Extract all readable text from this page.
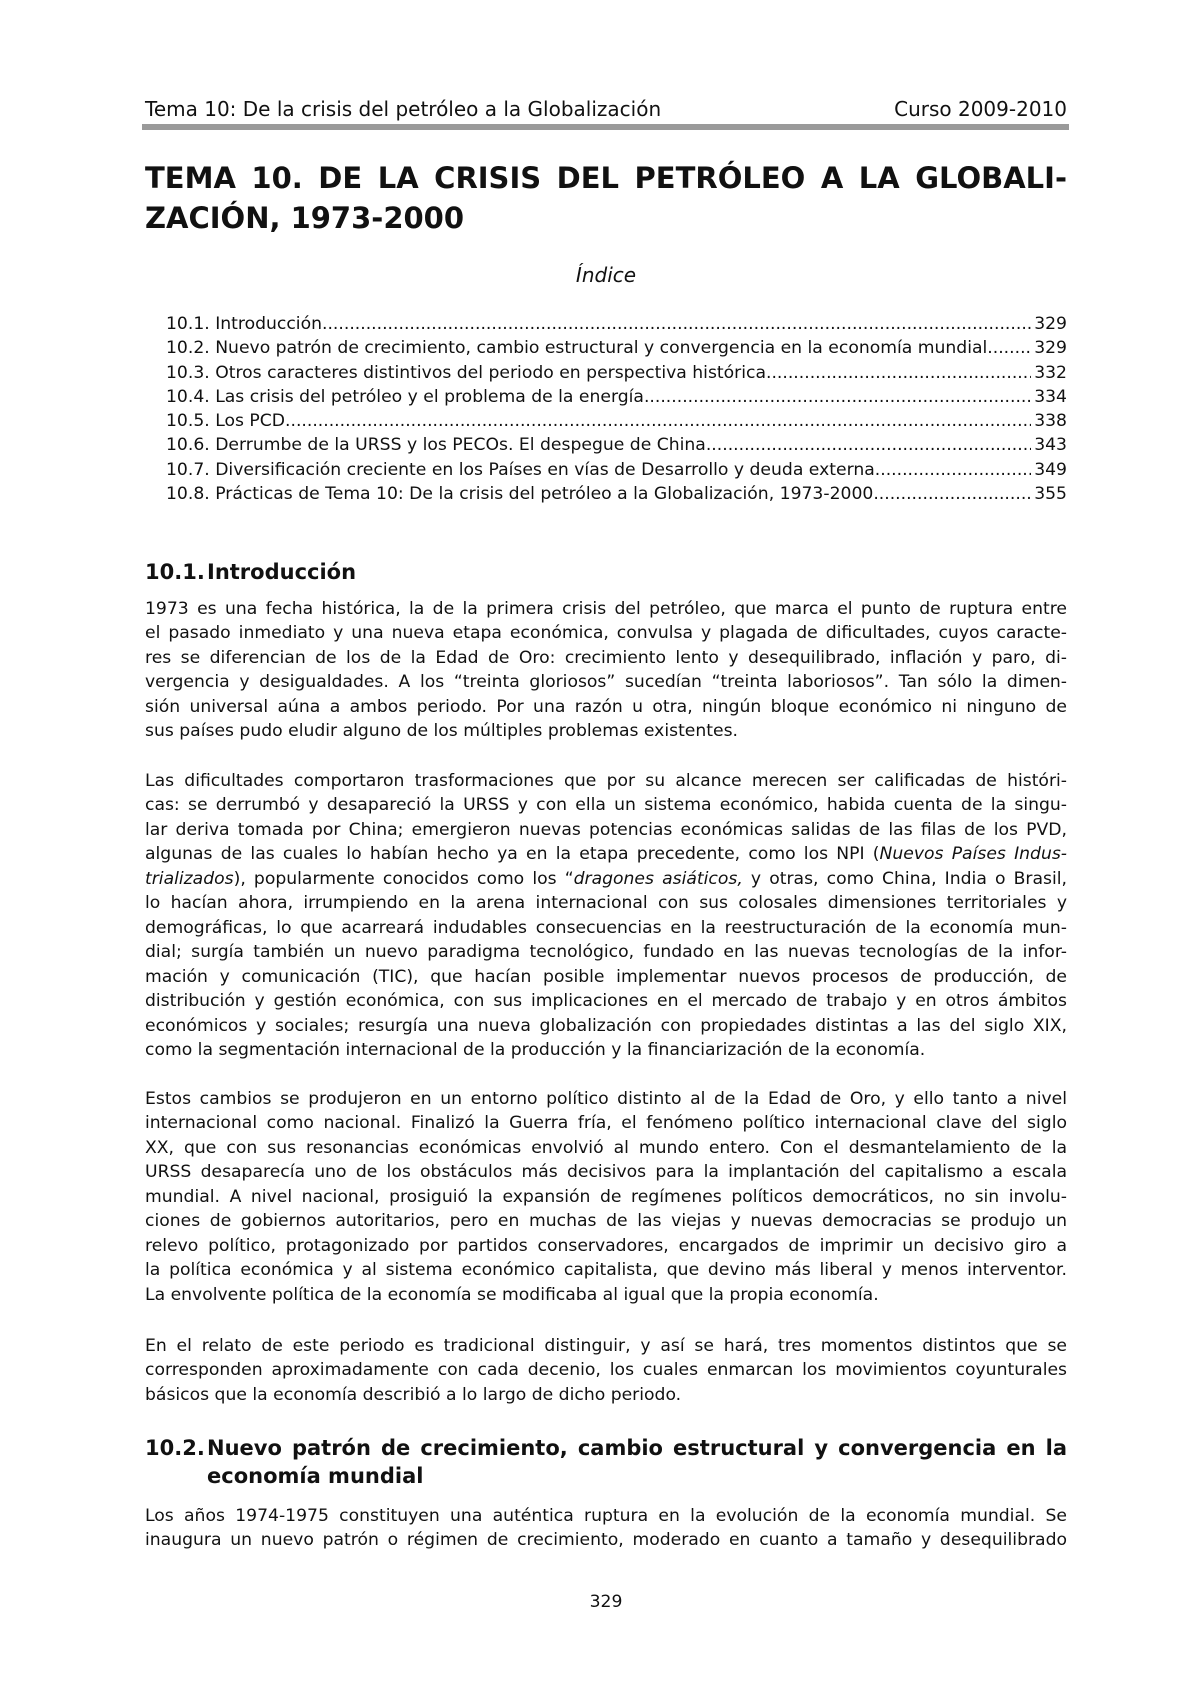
Tema 10: De la crisis del petróleo a la Globalización	Curso 2009-2010
TEMA 10. DE LA CRISIS DEL PETRÓLEO A LA GLOBALI-
ZACIÓN, 1973-2000
Índice
10.1. Introducción .....	329
10.2. Nuevo patrón de crecimiento, cambio estructural y convergencia en la economía mundial .....	329
10.3. Otros caracteres distintivos del periodo en perspectiva histórica .....	332
10.4. Las crisis del petróleo y el problema de la energía .....	334
10.5. Los PCD .....	338
10.6. Derrumbe de la URSS y los PECOs. El despegue de China .....	343
10.7. Diversificación creciente en los Países en vías de Desarrollo y deuda externa .....	349
10.8. Prácticas de Tema 10: De la crisis del petróleo a la Globalización, 1973-2000 .....	355
10.1. Introducción
1973 es una fecha histórica, la de la primera crisis del petróleo, que marca el punto de ruptura entre
el pasado inmediato y una nueva etapa económica, convulsa y plagada de dificultades, cuyos caracte-
res se diferencian de los de la Edad de Oro: crecimiento lento y desequilibrado, inflación y paro, di-
vergencia y desigualdades. A los “treinta gloriosos” sucedían “treinta laboriosos”. Tan sólo la dimen-
sión universal aúna a ambos periodo. Por una razón u otra, ningún bloque económico ni ninguno de
sus países pudo eludir alguno de los múltiples problemas existentes.
Las dificultades comportaron trasformaciones que por su alcance merecen ser calificadas de históri-
cas: se derrumbó y desapareció la URSS y con ella un sistema económico, habida cuenta de la singu-
lar deriva tomada por China; emergieron nuevas potencias económicas salidas de las filas de los PVD,
algunas de las cuales lo habían hecho ya en la etapa precedente, como los NPI (Nuevos Países Indus-
trializados), popularmente conocidos como los “dragones asiáticos, y otras, como China, India o Brasil,
lo hacían ahora, irrumpiendo en la arena internacional con sus colosales dimensiones territoriales y
demográficas, lo que acarreará indudables consecuencias en la reestructuración de la economía mun-
dial; surgía también un nuevo paradigma tecnológico, fundado en las nuevas tecnologías de la infor-
mación y comunicación (TIC), que hacían posible implementar nuevos procesos de producción, de
distribución y gestión económica, con sus implicaciones en el mercado de trabajo y en otros ámbitos
económicos y sociales; resurgía una nueva globalización con propiedades distintas a las del siglo XIX,
como la segmentación internacional de la producción y la financiarización de la economía.
Estos cambios se produjeron en un entorno político distinto al de la Edad de Oro, y ello tanto a nivel
internacional como nacional. Finalizó la Guerra fría, el fenómeno político internacional clave del siglo
XX, que con sus resonancias económicas envolvió al mundo entero. Con el desmantelamiento de la
URSS desaparecía uno de los obstáculos más decisivos para la implantación del capitalismo a escala
mundial. A nivel nacional, prosiguió la expansión de regímenes políticos democráticos, no sin involu-
ciones de gobiernos autoritarios, pero en muchas de las viejas y nuevas democracias se produjo un
relevo político, protagonizado por partidos conservadores, encargados de imprimir un decisivo giro a
la política económica y al sistema económico capitalista, que devino más liberal y menos interventor.
La envolvente política de la economía se modificaba al igual que la propia economía.
En el relato de este periodo es tradicional distinguir, y así se hará, tres momentos distintos que se
corresponden aproximadamente con cada decenio, los cuales enmarcan los movimientos coyunturales
básicos que la economía describió a lo largo de dicho periodo.
10.2. Nuevo patrón de crecimiento, cambio estructural y convergencia en la
economía mundial
Los años 1974-1975 constituyen una auténtica ruptura en la evolución de la economía mundial. Se
inaugura un nuevo patrón o régimen de crecimiento, moderado en cuanto a tamaño y desequilibrado
329
